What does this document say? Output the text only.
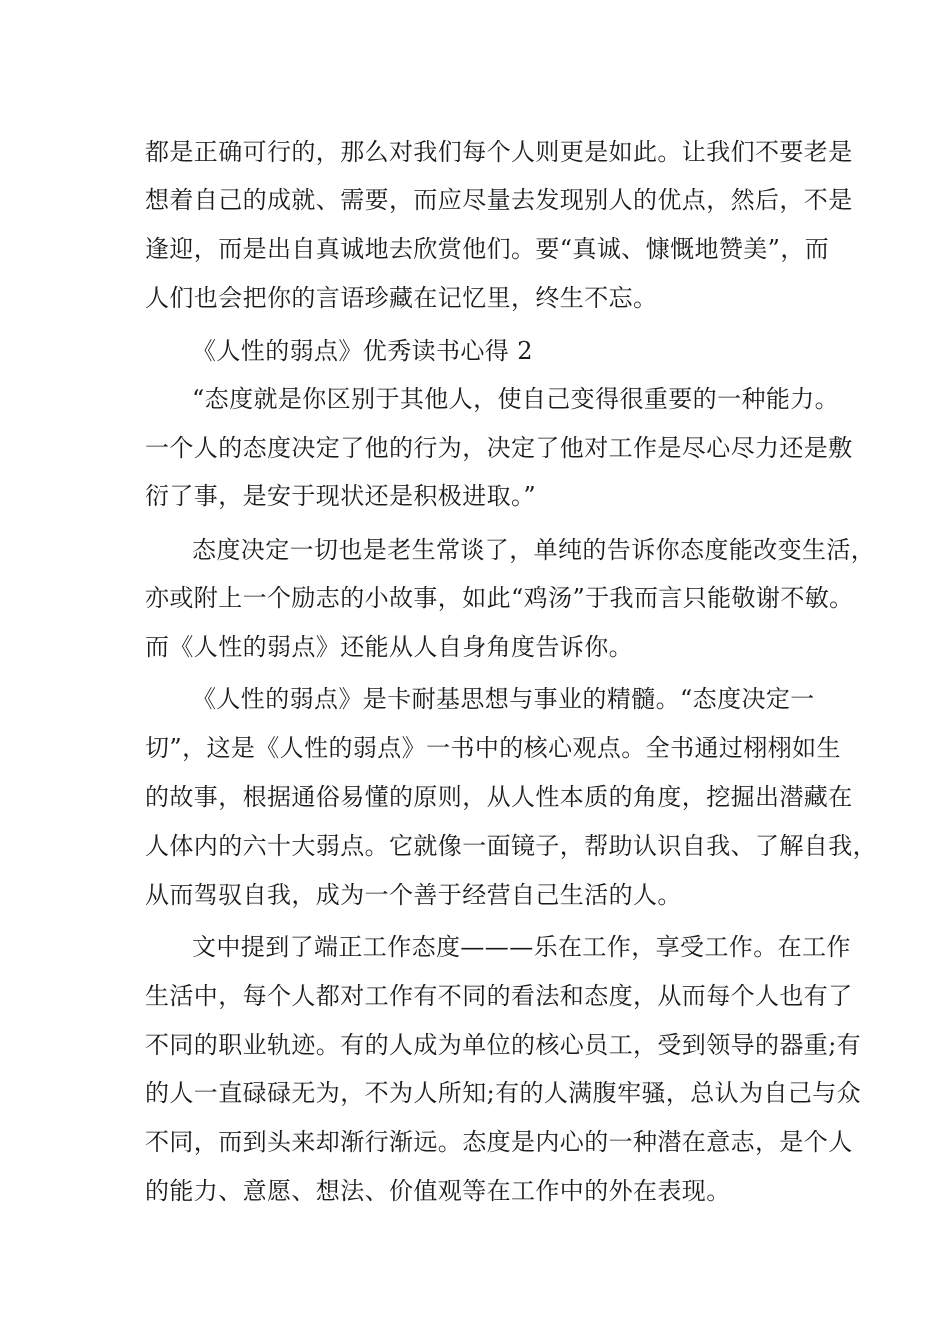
都是正确可行的，那么对我们每个人则更是如此。让我们不要老是
想着自己的成就、需要，而应尽量去发现别人的优点，然后，不是
逢迎，而是出自真诚地去欣赏他们。要“真诚、慷慨地赞美”，而
人们也会把你的言语珍藏在记忆里，终生不忘。
《人性的弱点》优秀读书心得 2
“态度就是你区别于其他人，使自己变得很重要的一种能力。
一个人的态度决定了他的行为，决定了他对工作是尽心尽力还是敷
衍了事，是安于现状还是积极进取。”
态度决定一切也是老生常谈了，单纯的告诉你态度能改变生活，
亦或附上一个励志的小故事，如此“鸡汤”于我而言只能敬谢不敏。
而《人性的弱点》还能从人自身角度告诉你。
《人性的弱点》是卡耐基思想与事业的精髓。“态度决定一
切”，这是《人性的弱点》一书中的核心观点。全书通过栩栩如生
的故事，根据通俗易懂的原则，从人性本质的角度，挖掘出潜藏在
人体内的六十大弱点。它就像一面镜子，帮助认识自我、了解自我，
从而驾驭自我，成为一个善于经营自己生活的人。
文中提到了端正工作态度———乐在工作，享受工作。在工作
生活中，每个人都对工作有不同的看法和态度，从而每个人也有了
不同的职业轨迹。有的人成为单位的核心员工，受到领导的器重;有
的人一直碌碌无为，不为人所知;有的人满腹牢骚，总认为自己与众
不同，而到头来却渐行渐远。态度是内心的一种潜在意志，是个人
的能力、意愿、想法、价值观等在工作中的外在表现。
